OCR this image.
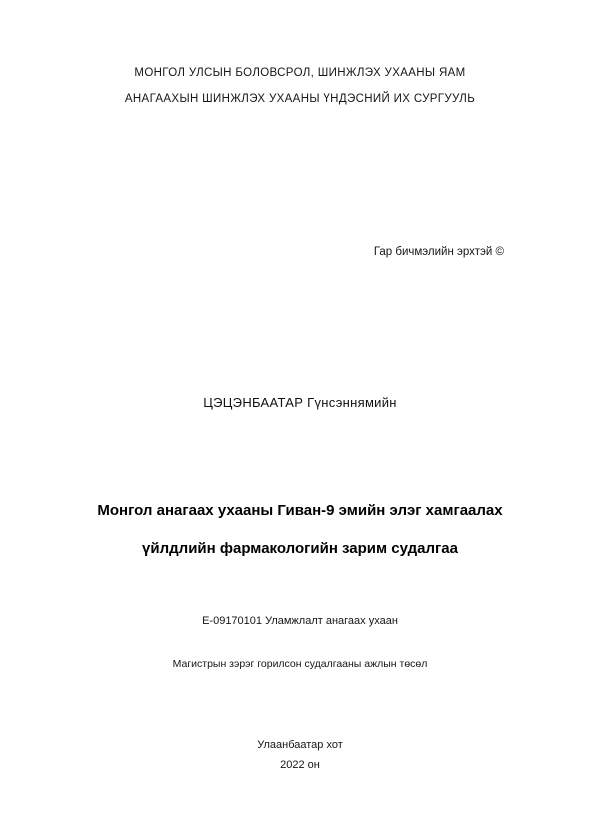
МОНГОЛ УЛСЫН БОЛОВСРОЛ, ШИНЖЛЭХ УХААНЫ ЯАМ
АНАГААХЫН ШИНЖЛЭХ УХААНЫ ҮНДЭСНИЙ ИХ СУРГУУЛЬ
Гар бичмэлийн эрхтэй ©
ЦЭЦЭНБААТАР Гүнсэннямийн
Монгол анагаах ухааны Гиван-9 эмийн элэг хамгаалах
үйлдлийн фармакологийн зарим судалгаа
E-09170101 Уламжлалт анагаах ухаан
Магистрын зэрэг горилсон судалгааны ажлын төсөл
Улаанбаатар хот
2022 он
